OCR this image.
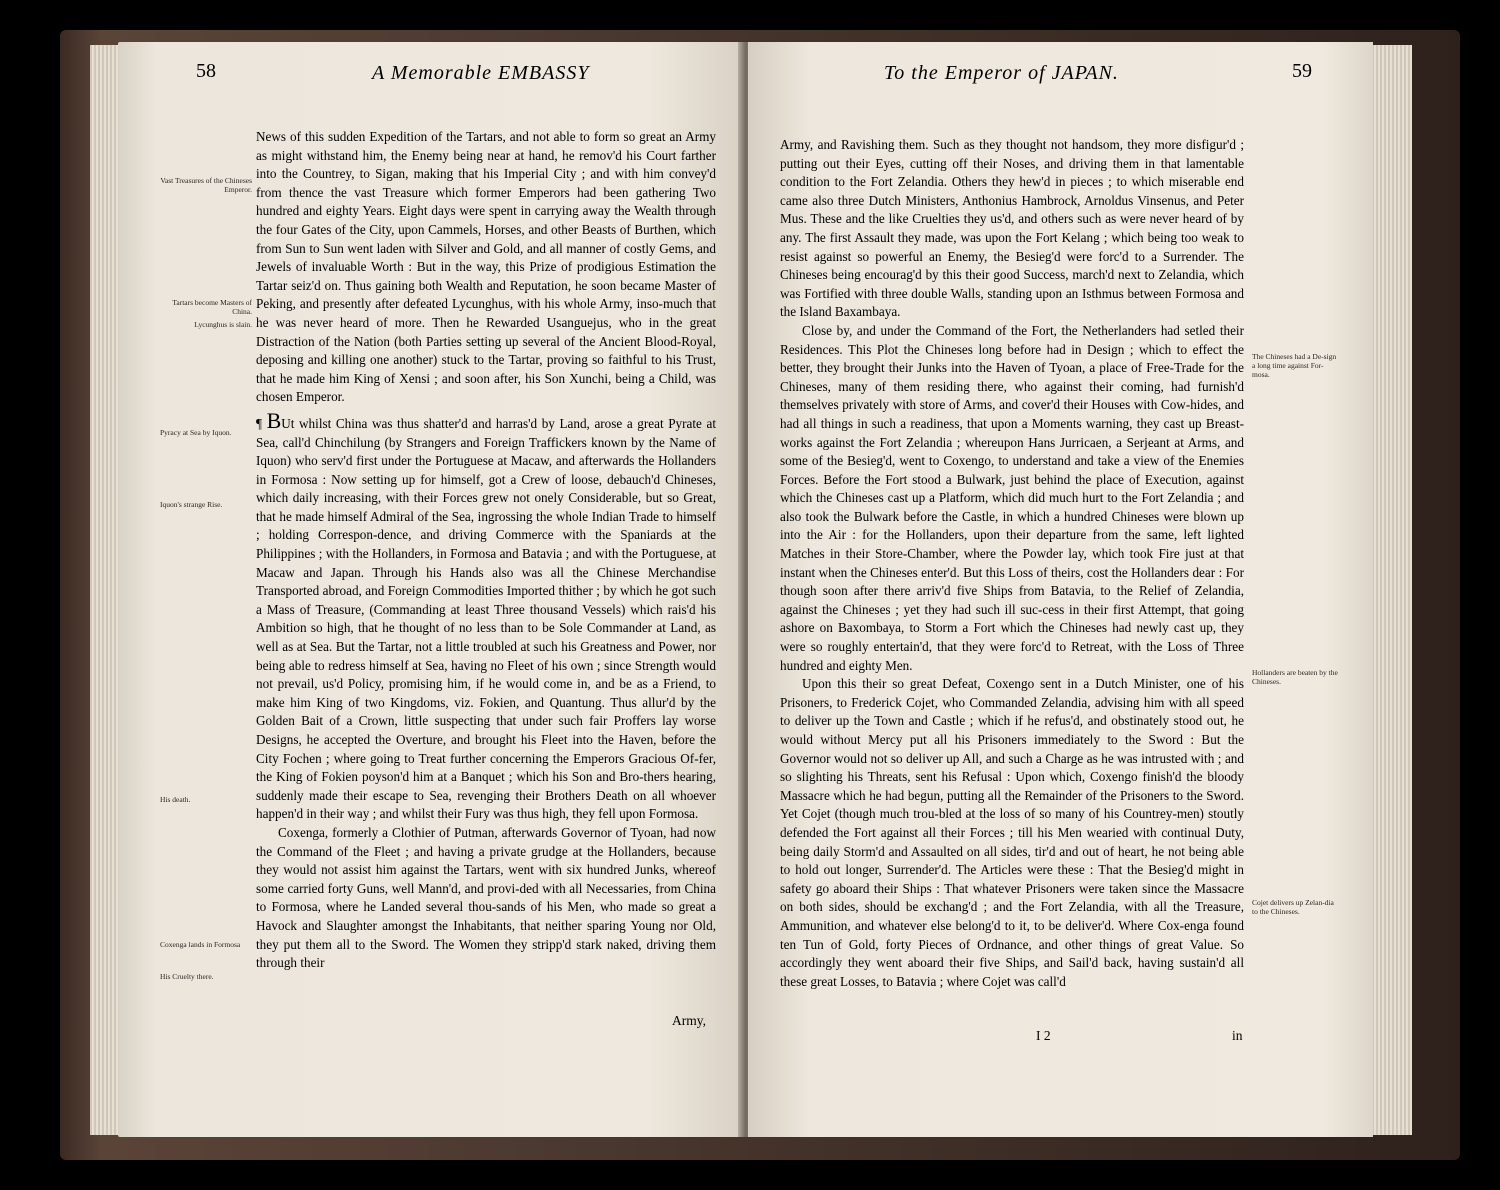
58	A Memorable EMBASSY
Vast Treasures of the Chineses Emperor.
Tartars become Masters of China.
Lycunghus is slain.
Pyracy at Sea by Iquon.
Iquon's strange Rise.
His death.
Coxenga lands in Formosa
His Cruelty there.

News of this sudden Expedition of the Tartars, and not able to form so great an Army as might withstand him, the Enemy being near at hand, he remov'd his Court farther into the Countrey, to Sigan, making that his Imperial City ; and with him convey'd from thence the vast Treasure which former Emperors had been gathering Two hundred and eighty Years. Eight days were spent in carrying away the Wealth through the four Gates of the City, upon Cammels, Horses, and other Beasts of Burthen, which from Sun to Sun went laden with Silver and Gold, and all manner of costly Gems, and Jewels of invaluable Worth : But in the way, this Prize of prodigious Estimation the Tartar seiz'd on. Thus gaining both Wealth and Reputation, he soon became Master of Peking, and presently after defeated Lycunghus, with his whole Army, inso-much that he was never heard of more. Then he Rewarded Usanguejus, who in the great Distraction of the Nation (both Parties setting up several of the Ancient Blood-Royal, deposing and killing one another) stuck to the Tartar, proving so faithful to his Trust, that he made him King of Xensi ; and soon after, his Son Xunchi, being a Child, was chosen Emperor.

¶ BUt whilst China was thus shatter'd and harras'd by Land, arose a great Pyrate at Sea, call'd Chinchilung (by Strangers and Foreign Traffickers known by the Name of Iquon) who serv'd first under the Portuguese at Macaw, and afterwards the Hollanders in Formosa : Now setting up for himself, got a Crew of loose, debauch'd Chineses, which daily increasing, with their Forces grew not onely Considerable, but so Great, that he made himself Admiral of the Sea, ingrossing the whole Indian Trade to himself ; holding Correspon-dence, and driving Commerce with the Spaniards at the Philippines ; with the Hollanders, in Formosa and Batavia ; and with the Portuguese, at Macaw and Japan. Through his Hands also was all the Chinese Merchandise Transported abroad, and Foreign Commodities Imported thither ; by which he got such a Mass of Treasure, (Commanding at least Three thousand Vessels) which rais'd his Ambition so high, that he thought of no less than to be Sole Commander at Land, as well as at Sea. But the Tartar, not a little troubled at such his Greatness and Power, nor being able to redress himself at Sea, having no Fleet of his own ; since Strength would not prevail, us'd Policy, promising him, if he would come in, and be as a Friend, to make him King of two Kingdoms, viz. Fokien, and Quantung. Thus allur'd by the Golden Bait of a Crown, little suspecting that under such fair Proffers lay worse Designs, he accepted the Overture, and brought his Fleet into the Haven, before the City Fochen ; where going to Treat further concerning the Emperors Gracious Of-fer, the King of Fokien poyson'd him at a Banquet ; which his Son and Bro-thers hearing, suddenly made their escape to Sea, revenging their Brothers Death on all whoever happen'd in their way ; and whilst their Fury was thus high, they fell upon Formosa.

Coxenga, formerly a Clothier of Putman, afterwards Governor of Tyoan, had now the Command of the Fleet ; and having a private grudge at the Hollanders, because they would not assist him against the Tartars, went with six hundred Junks, whereof some carried forty Guns, well Mann'd, and provi-ded with all Necessaries, from China to Formosa, where he Landed several thou-sands of his Men, who made so great a Havock and Slaughter amongst the Inhabitants, that neither sparing Young nor Old, they put them all to the Sword. The Women they stripp'd stark naked, driving them through their

Army,
To the Emperor of JAPAN.	59
The Chineses had a De-sign a long time against For-mosa.
Hollanders are beaten by the Chineses.
Cojet delivers up Zelan-dia to the Chineses.

Army, and Ravishing them. Such as they thought not handsom, they more disfigur'd ; putting out their Eyes, cutting off their Noses, and driving them in that lamentable condition to the Fort Zelandia. Others they hew'd in pieces ; to which miserable end came also three Dutch Ministers, Anthonius Hambrock, Arnoldus Vinsenus, and Peter Mus. These and the like Cruelties they us'd, and others such as were never heard of by any. The first Assault they made, was upon the Fort Kelang ; which being too weak to resist against so powerful an Enemy, the Besieg'd were forc'd to a Surrender. The Chineses being encourag'd by this their good Success, march'd next to Zelandia, which was Fortified with three double Walls, standing upon an Isthmus between Formosa and the Island Baxambaya.

Close by, and under the Command of the Fort, the Netherlanders had setled their Residences. This Plot the Chineses long before had in Design ; which to effect the better, they brought their Junks into the Haven of Tyoan, a place of Free-Trade for the Chineses, many of them residing there, who against their coming, had furnish'd themselves privately with store of Arms, and cover'd their Houses with Cow-hides, and had all things in such a readiness, that upon a Moments warning, they cast up Breast-works against the Fort Zelandia ; whereupon Hans Jurricaen, a Serjeant at Arms, and some of the Besieg'd, went to Coxengo, to understand and take a view of the Enemies Forces. Before the Fort stood a Bulwark, just behind the place of Execution, against which the Chineses cast up a Platform, which did much hurt to the Fort Zelandia ; and also took the Bulwark before the Castle, in which a hundred Chineses were blown up into the Air : for the Hollanders, upon their departure from the same, left lighted Matches in their Store-Chamber, where the Powder lay, which took Fire just at that instant when the Chineses enter'd. But this Loss of theirs, cost the Hollanders dear : For though soon after there arriv'd five Ships from Batavia, to the Relief of Zelandia, against the Chineses ; yet they had such ill suc-cess in their first Attempt, that going ashore on Baxombaya, to Storm a Fort which the Chineses had newly cast up, they were so roughly entertain'd, that they were forc'd to Retreat, with the Loss of Three hundred and eighty Men.

Upon this their so great Defeat, Coxengo sent in a Dutch Minister, one of his Prisoners, to Frederick Cojet, who Commanded Zelandia, advising him with all speed to deliver up the Town and Castle ; which if he refus'd, and obstinately stood out, he would without Mercy put all his Prisoners immediately to the Sword : But the Governor would not so deliver up All, and such a Charge as he was intrusted with ; and so slighting his Threats, sent his Refusal : Upon which, Coxengo finish'd the bloody Massacre which he had begun, putting all the Remainder of the Prisoners to the Sword. Yet Cojet (though much trou-bled at the loss of so many of his Countrey-men) stoutly defended the Fort against all their Forces ; till his Men wearied with continual Duty, being daily Storm'd and Assaulted on all sides, tir'd and out of heart, he not being able to hold out longer, Surrender'd. The Articles were these : That the Besieg'd might in safety go aboard their Ships : That whatever Prisoners were taken since the Massacre on both sides, should be exchang'd ; and the Fort Zelandia, with all the Treasure, Ammunition, and whatever else belong'd to it, to be deliver'd. Where Cox-enga found ten Tun of Gold, forty Pieces of Ordnance, and other things of great Value. So accordingly they went aboard their five Ships, and Sail'd back, having sustain'd all these great Losses, to Batavia ; where Cojet was call'd

I 2	in
